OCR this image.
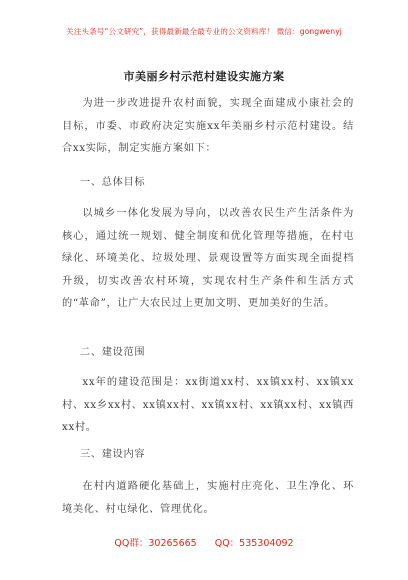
关注头条号“公文研究”，获得最新最全最专业的公文资料库！ 微信：gongwenyj
市美丽乡村示范村建设实施方案

为进一步改进提升农村面貌，实现全面建成小康社会的目标，市委、市政府决定实施xx年美丽乡村示范村建设。结合xx实际，制定实施方案如下：

一、总体目标

以城乡一体化发展为导向，以改善农民生产生活条件为核心，通过统一规划、健全制度和优化管理等措施，在村屯绿化、环境美化、垃圾处理、景观设置等方面实现全面提档升级，切实改善农村环境，实现农村生产条件和生活方式的“革命”，让广大农民过上更加文明、更加美好的生活。

二、建设范围

xx年的建设范围是：xx街道xx村、xx镇xx村、xx镇xx村、xx乡xx村、xx镇xx村、xx镇xx村、xx镇xx村、xx镇西xx村。

三、建设内容

在村内道路硬化基础上，实施村庄亮化、卫生净化、环境美化、村屯绿化、管理优化。

QQ群：30265665 QQ：535304092
